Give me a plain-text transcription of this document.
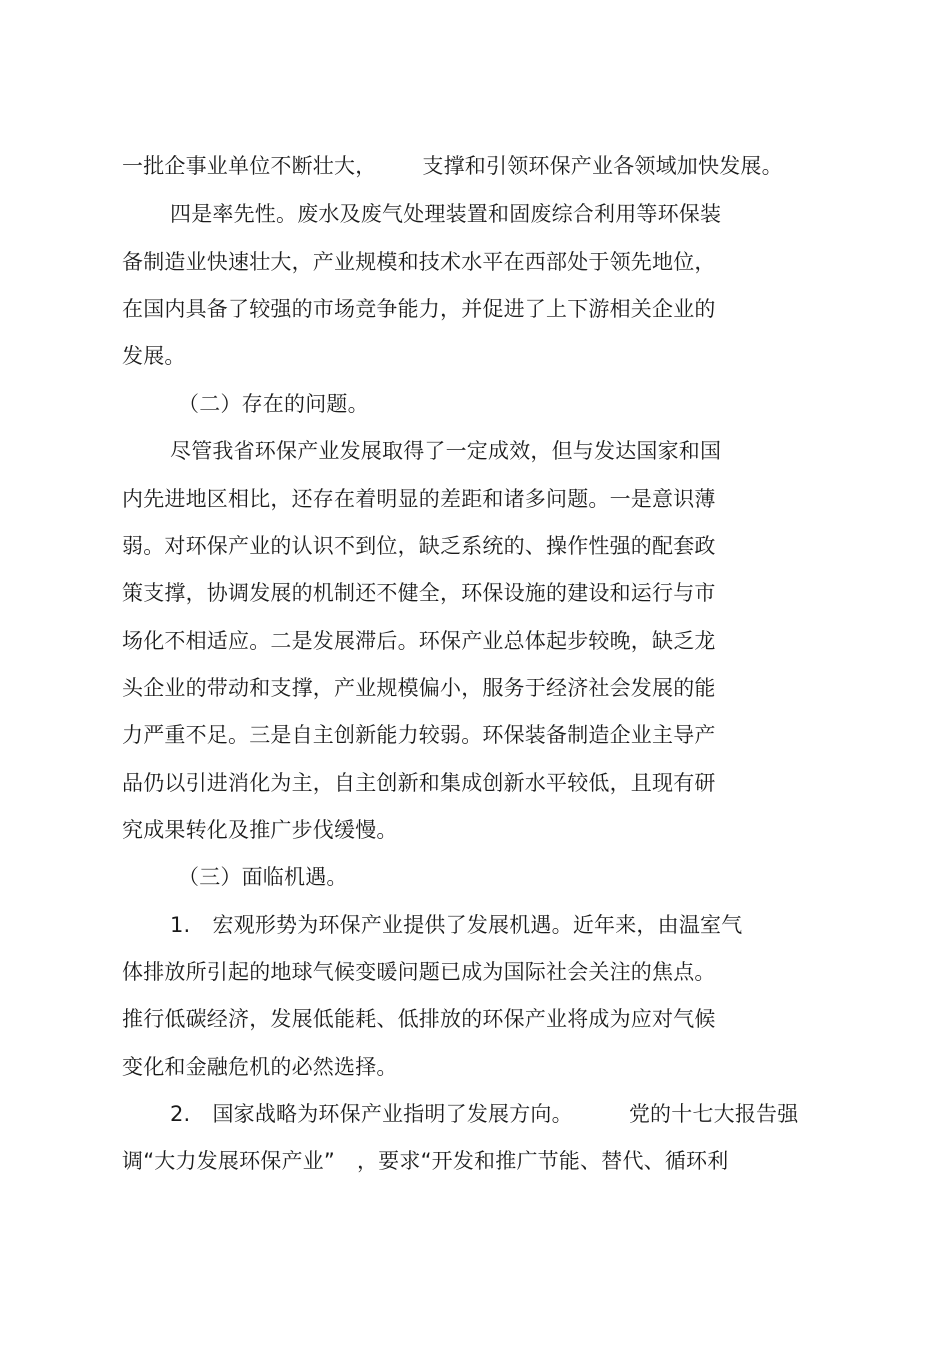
一批企事业单位不断壮大， 支撑和引领环保产业各领域加快发展。
四是率先性。废水及废气处理装置和固废综合利用等环保装
备制造业快速壮大，产业规模和技术水平在西部处于领先地位，
在国内具备了较强的市场竞争能力，并促进了上下游相关企业的
发展。
（二）存在的问题。
尽管我省环保产业发展取得了一定成效，但与发达国家和国
内先进地区相比，还存在着明显的差距和诸多问题。一是意识薄
弱。对环保产业的认识不到位，缺乏系统的、操作性强的配套政
策支撑，协调发展的机制还不健全，环保设施的建设和运行与市
场化不相适应。二是发展滞后。环保产业总体起步较晚，缺乏龙
头企业的带动和支撑，产业规模偏小，服务于经济社会发展的能
力严重不足。三是自主创新能力较弱。环保装备制造企业主导产
品仍以引进消化为主，自主创新和集成创新水平较低，且现有研
究成果转化及推广步伐缓慢。
（三）面临机遇。
1. 宏观形势为环保产业提供了发展机遇。近年来，由温室气
体排放所引起的地球气候变暖问题已成为国际社会关注的焦点。
推行低碳经济，发展低能耗、低排放的环保产业将成为应对气候
变化和金融危机的必然选择。
2. 国家战略为环保产业指明了发展方向。	党的十七大报告强
调“大力发展环保产业” ，要求“开发和推广节能、替代、循环利
